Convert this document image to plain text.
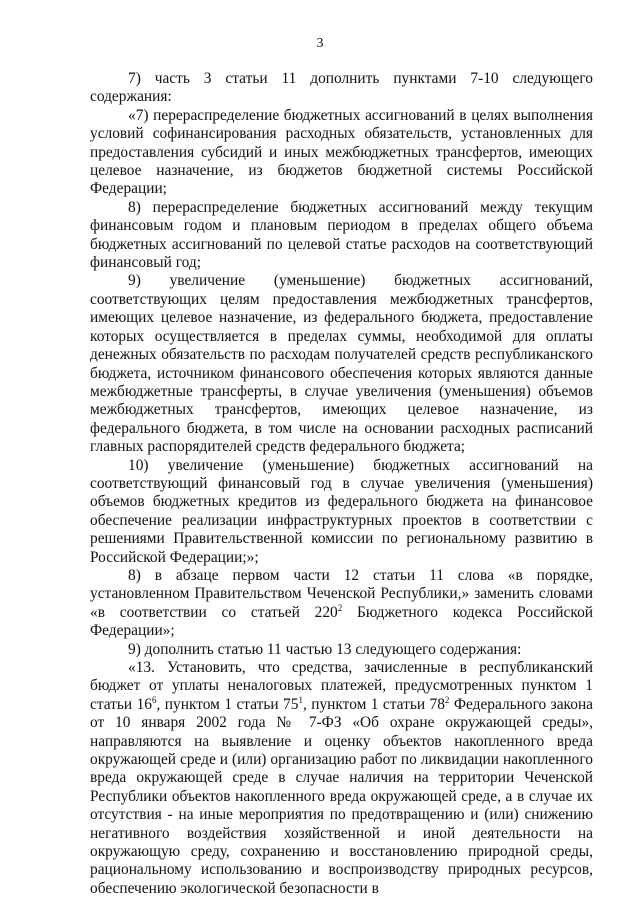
3

7) часть 3 статьи 11 дополнить пунктами 7-10 следующего содержания:

«7) перераспределение бюджетных ассигнований в целях выполнения условий софинансирования расходных обязательств, установленных для предоставления субсидий и иных межбюджетных трансфертов, имеющих целевое назначение, из бюджетов бюджетной системы Российской Федерации;

8) перераспределение бюджетных ассигнований между текущим финансовым годом и плановым периодом в пределах общего объема бюджетных ассигнований по целевой статье расходов на соответствующий финансовый год;

9) увеличение (уменьшение) бюджетных ассигнований, соответствующих целям предоставления межбюджетных трансфертов, имеющих целевое назначение, из федерального бюджета, предоставление которых осуществляется в пределах суммы, необходимой для оплаты денежных обязательств по расходам получателей средств республиканского бюджета, источником финансового обеспечения которых являются данные межбюджетные трансферты, в случае увеличения (уменьшения) объемов межбюджетных трансфертов, имеющих целевое назначение, из федерального бюджета, в том числе на основании расходных расписаний главных распорядителей средств федерального бюджета;

10) увеличение (уменьшение) бюджетных ассигнований на соответствующий финансовый год в случае увеличения (уменьшения) объемов бюджетных кредитов из федерального бюджета на финансовое обеспечение реализации инфраструктурных проектов в соответствии с решениями Правительственной комиссии по региональному развитию в Российской Федерации;»;

8) в абзаце первом части 12 статьи 11 слова «в порядке, установленном Правительством Чеченской Республики,» заменить словами «в соответствии со статьей $220^2$ Бюджетного кодекса Российской Федерации»;

9) дополнить статью 11 частью 13 следующего содержания:

«13. Установить, что средства, зачисленные в республиканский бюджет от уплаты неналоговых платежей, предусмотренных пунктом 1 статьи $16^6$, пунктом 1 статьи $75^1$, пунктом 1 статьи $78^2$ Федерального закона от 10 января 2002 года № 7-ФЗ «Об охране окружающей среды», направляются на выявление и оценку объектов накопленного вреда окружающей среде и (или) организацию работ по ликвидации накопленного вреда окружающей среде в случае наличия на территории Чеченской Республики объектов накопленного вреда окружающей среде, а в случае их отсутствия - на иные мероприятия по предотвращению и (или) снижению негативного воздействия хозяйственной и иной деятельности на окружающую среду, сохранению и восстановлению природной среды, рациональному использованию и воспроизводству природных ресурсов, обеспечению экологической безопасности в
